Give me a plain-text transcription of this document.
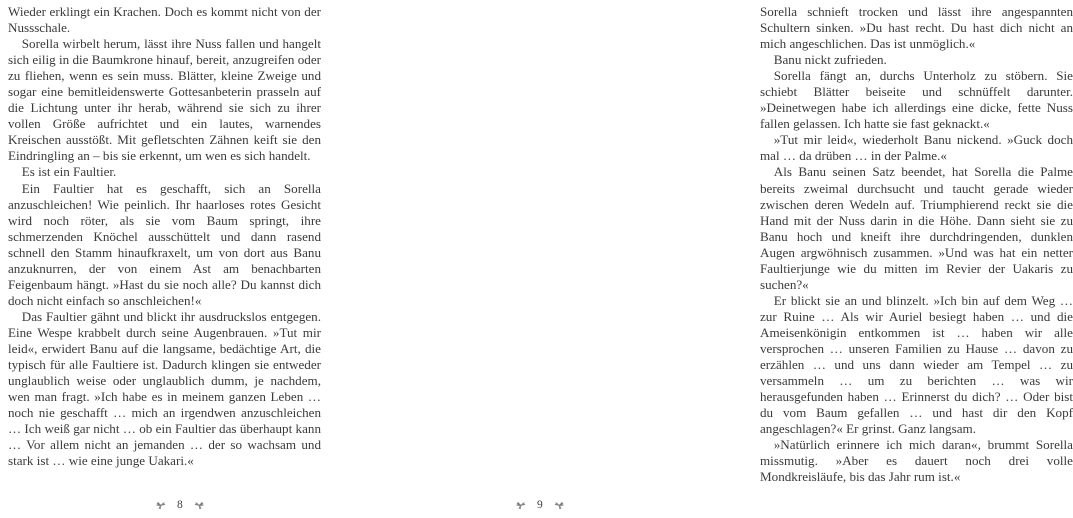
Wieder erklingt ein Krachen. Doch es kommt nicht von der Nussschale.

Sorella wirbelt herum, lässt ihre Nuss fallen und hangelt sich eilig in die Baumkrone hinauf, bereit, anzugreifen oder zu fliehen, wenn es sein muss. Blätter, kleine Zweige und sogar eine bemitleidenswerte Gottesanbeterin prasseln auf die Lichtung unter ihr herab, während sie sich zu ihrer vollen Größe aufrichtet und ein lautes, warnendes Kreischen ausstößt. Mit gefletschten Zähnen keift sie den Eindringling an – bis sie erkennt, um wen es sich handelt.

Es ist ein Faultier.

Ein Faultier hat es geschafft, sich an Sorella anzuschleichen! Wie peinlich. Ihr haarloses rotes Gesicht wird noch röter, als sie vom Baum springt, ihre schmerzenden Knöchel ausschüttelt und dann rasend schnell den Stamm hinaufkraxelt, um von dort aus Banu anzuknurren, der von einem Ast am benachbarten Feigenbaum hängt. »Hast du sie noch alle? Du kannst dich doch nicht einfach so anschleichen!«

Das Faultier gähnt und blickt ihr ausdruckslos entgegen. Eine Wespe krabbelt durch seine Augenbrauen. »Tut mir leid«, erwidert Banu auf die langsame, bedächtige Art, die typisch für alle Faultiere ist. Dadurch klingen sie entweder unglaublich weise oder unglaublich dumm, je nachdem, wen man fragt. »Ich habe es in meinem ganzen Leben … noch nie geschafft … mich an irgendwen anzuschleichen … Ich weiß gar nicht … ob ein Faultier das überhaupt kann … Vor allem nicht an jemanden … der so wachsam und stark ist … wie eine junge Uakari.«

8

Sorella schnieft trocken und lässt ihre angespannten Schultern sinken. »Du hast recht. Du hast dich nicht an mich angeschlichen. Das ist unmöglich.«

Banu nickt zufrieden.

Sorella fängt an, durchs Unterholz zu stöbern. Sie schiebt Blätter beiseite und schnüffelt darunter. »Deinetwegen habe ich allerdings eine dicke, fette Nuss fallen gelassen. Ich hatte sie fast geknackt.«

»Tut mir leid«, wiederholt Banu nickend. »Guck doch mal … da drüben … in der Palme.«

Als Banu seinen Satz beendet, hat Sorella die Palme bereits zweimal durchsucht und taucht gerade wieder zwischen deren Wedeln auf. Triumphierend reckt sie die Hand mit der Nuss darin in die Höhe. Dann sieht sie zu Banu hoch und kneift ihre durchdringenden, dunklen Augen argwöhnisch zusammen. »Und was hat ein netter Faultierjunge wie du mitten im Revier der Uakaris zu suchen?«

Er blickt sie an und blinzelt. »Ich bin auf dem Weg … zur Ruine … Als wir Auriel besiegt haben … und die Ameisenkönigin entkommen ist … haben wir alle versprochen … unseren Familien zu Hause … davon zu erzählen … und uns dann wieder am Tempel … zu versammeln … um zu berichten … was wir herausgefunden haben … Erinnerst du dich? … Oder bist du vom Baum gefallen … und hast dir den Kopf angeschlagen?« Er grinst. Ganz langsam.

»Natürlich erinnere ich mich daran«, brummt Sorella missmutig. »Aber es dauert noch drei volle Mondkreisläufe, bis das Jahr rum ist.«

9
